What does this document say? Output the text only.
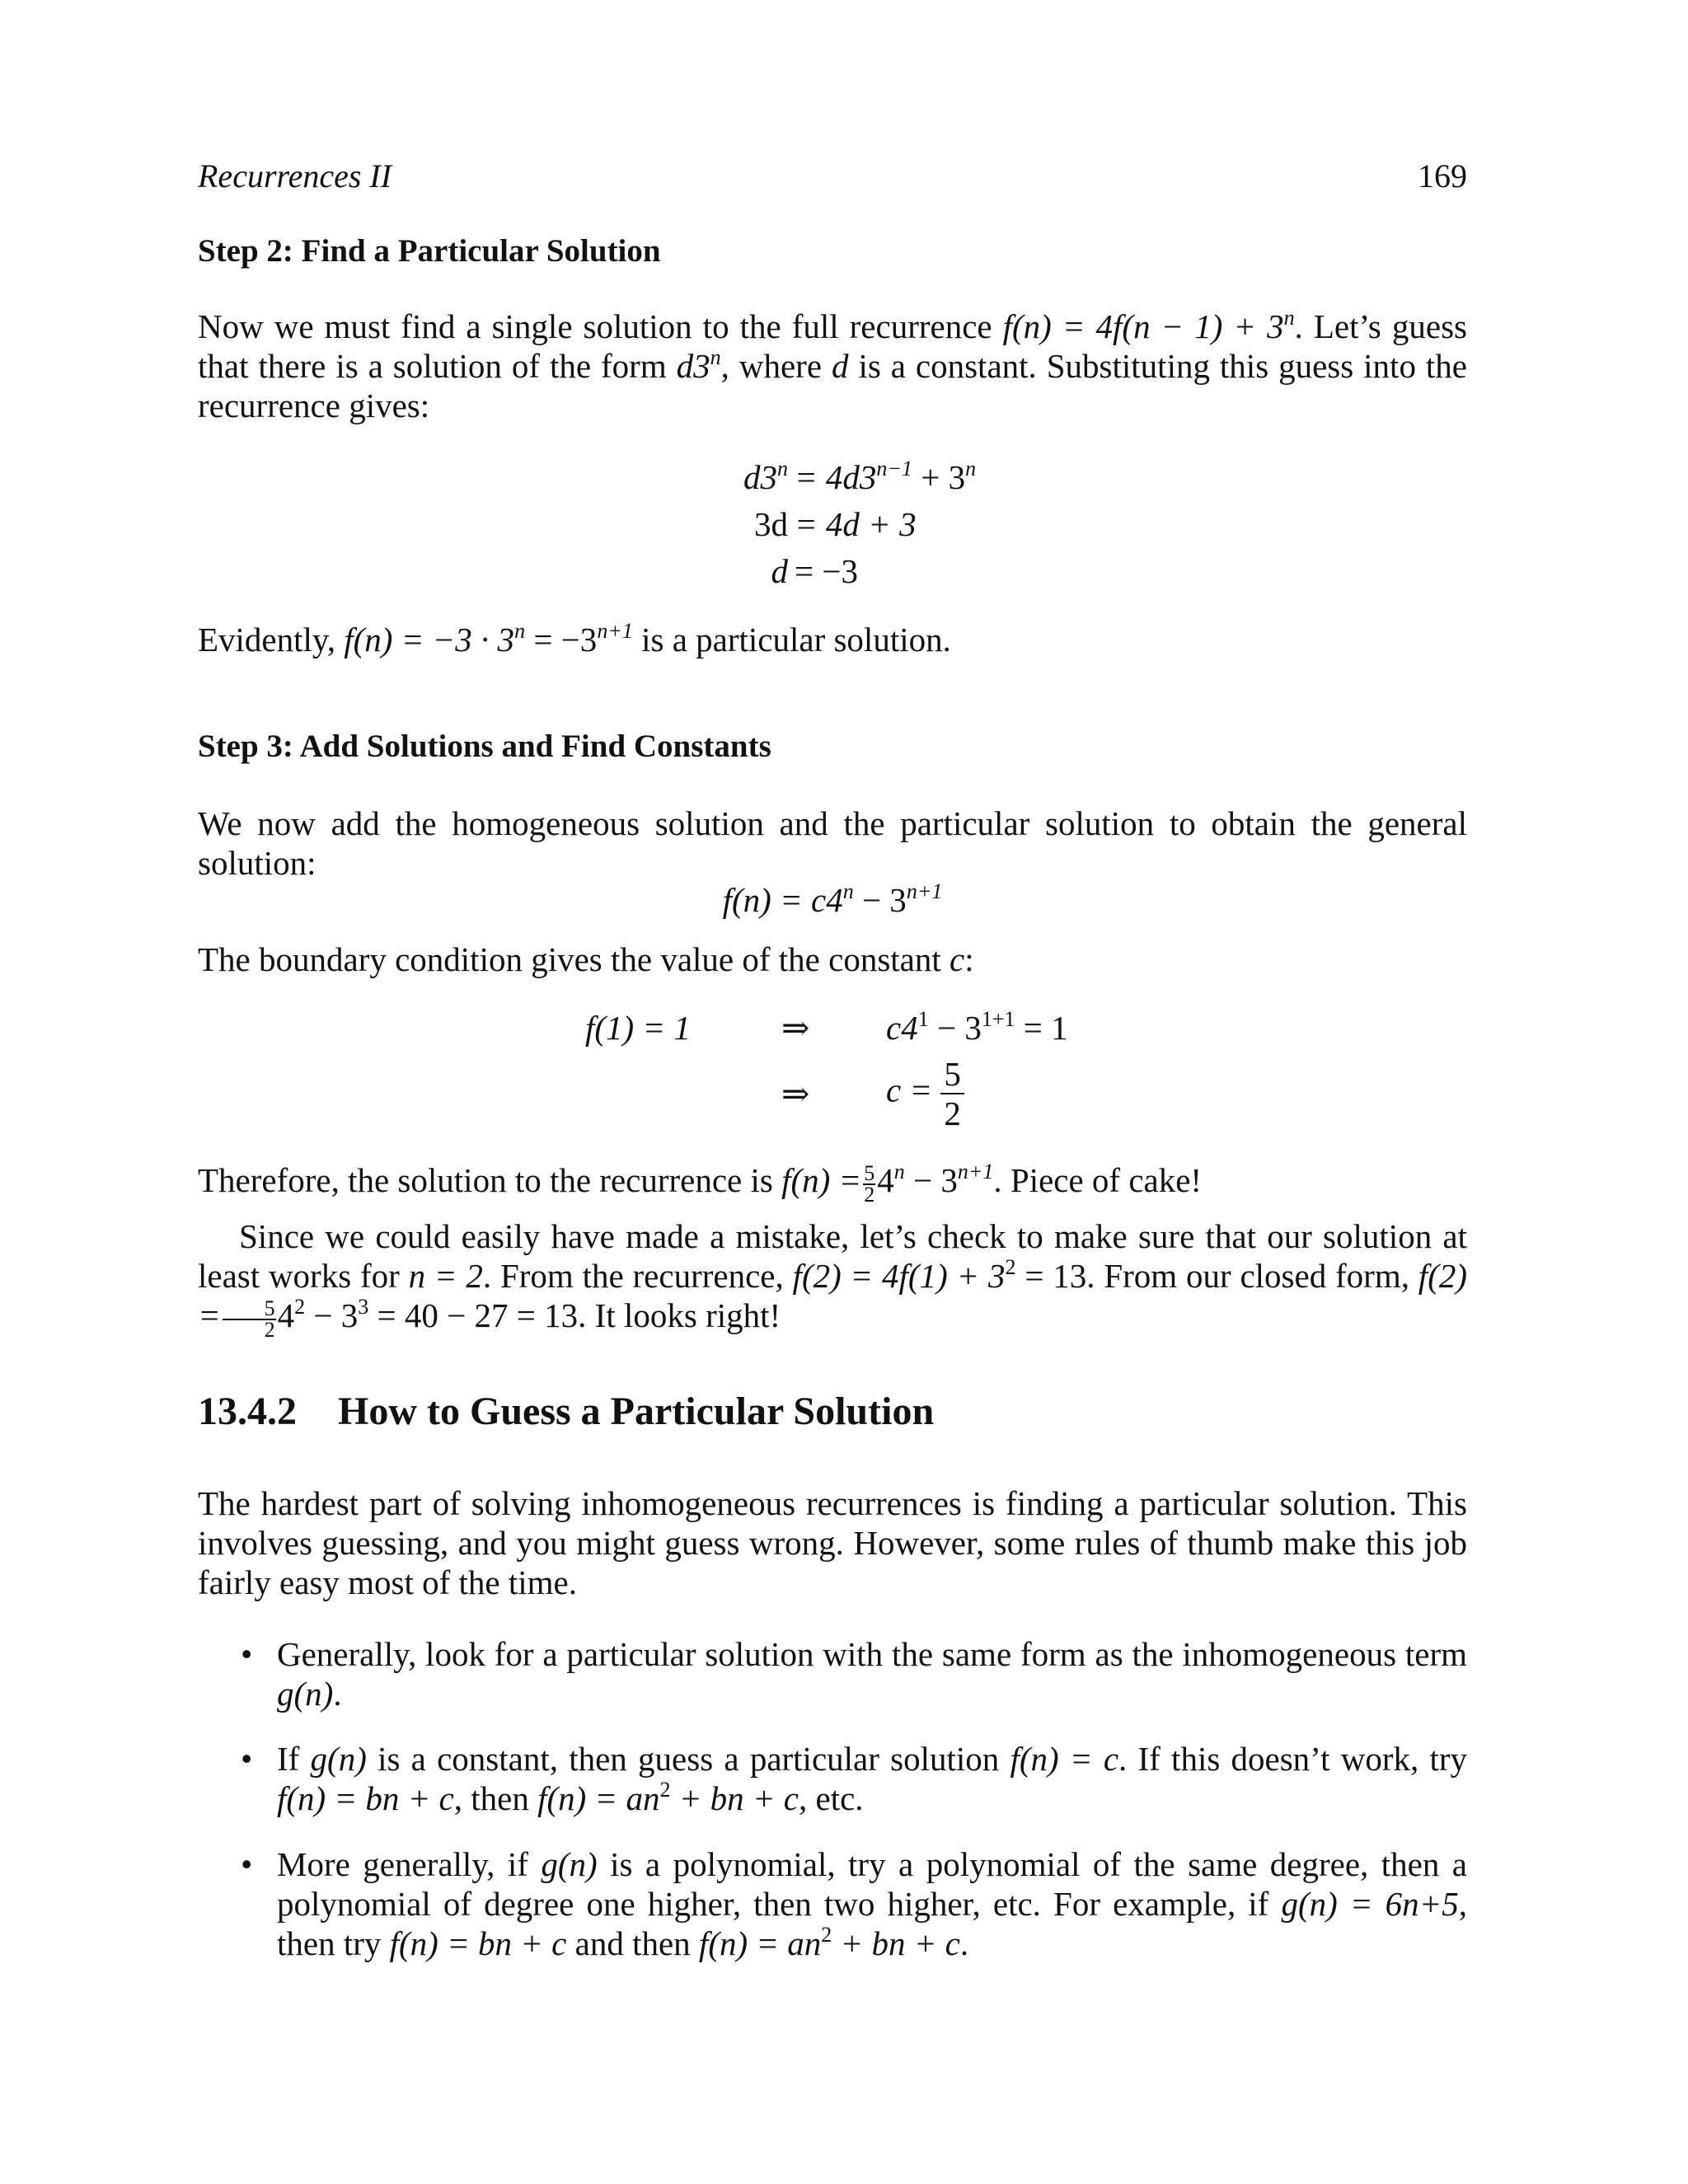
Recurrences II	169
Step 2: Find a Particular Solution
Now we must find a single solution to the full recurrence $f(n) = 4f(n - 1) + 3^n$. Let’s guess that there is a solution of the form d3$^n$, where d is a constant. Substituting this guess into the recurrence gives:
$d3^n = 4d3^{n-1} + 3^n$
3d = 4d + 3
d = −3
Evidently, $f(n) = -3 \cdot 3^n = -3^{n+1}$ is a particular solution.
Step 3: Add Solutions and Find Constants
We now add the homogeneous solution and the particular solution to obtain the general solution:
$f(n) = c4^n - 3^{n+1}$
The boundary condition gives the value of the constant c:
f(1) = 1	⇒ $c4^1 - 3^{1+1} = 1$
⇒ $c = \frac{5}{2}$
Therefore, the solution to the recurrence is $f(n) = \frac{5}{2} 4^n - 3^{n+1}$. Piece of cake!
Since we could easily have made a mistake, let’s check to make sure that our solution at least works for n = 2. From the recurrence, $f(2) = 4f(1) + 3^2 = 13$. From our closed form, $f(2) = \frac{5}{2} 4^2 - 3^3 = 40 - 27 = 13$. It looks right!
13.4.2 How to Guess a Particular Solution
The hardest part of solving inhomogeneous recurrences is finding a particular solution. This involves guessing, and you might guess wrong. However, some rules of thumb make this job fairly easy most of the time.
• Generally, look for a particular solution with the same form as the inhomogeneous term g(n).
• If g(n) is a constant, then guess a particular solution f(n) = c. If this doesn’t work, try f(n) = bn + c, then $f(n) = an^2$ + bn + c, etc.
• More generally, if g(n) is a polynomial, try a polynomial of the same degree, then a polynomial of degree one higher, then two higher, etc. For example, if g(n) = 6n+5, then try f(n) = bn + c and then $f(n) = an^2$ + bn + c.
